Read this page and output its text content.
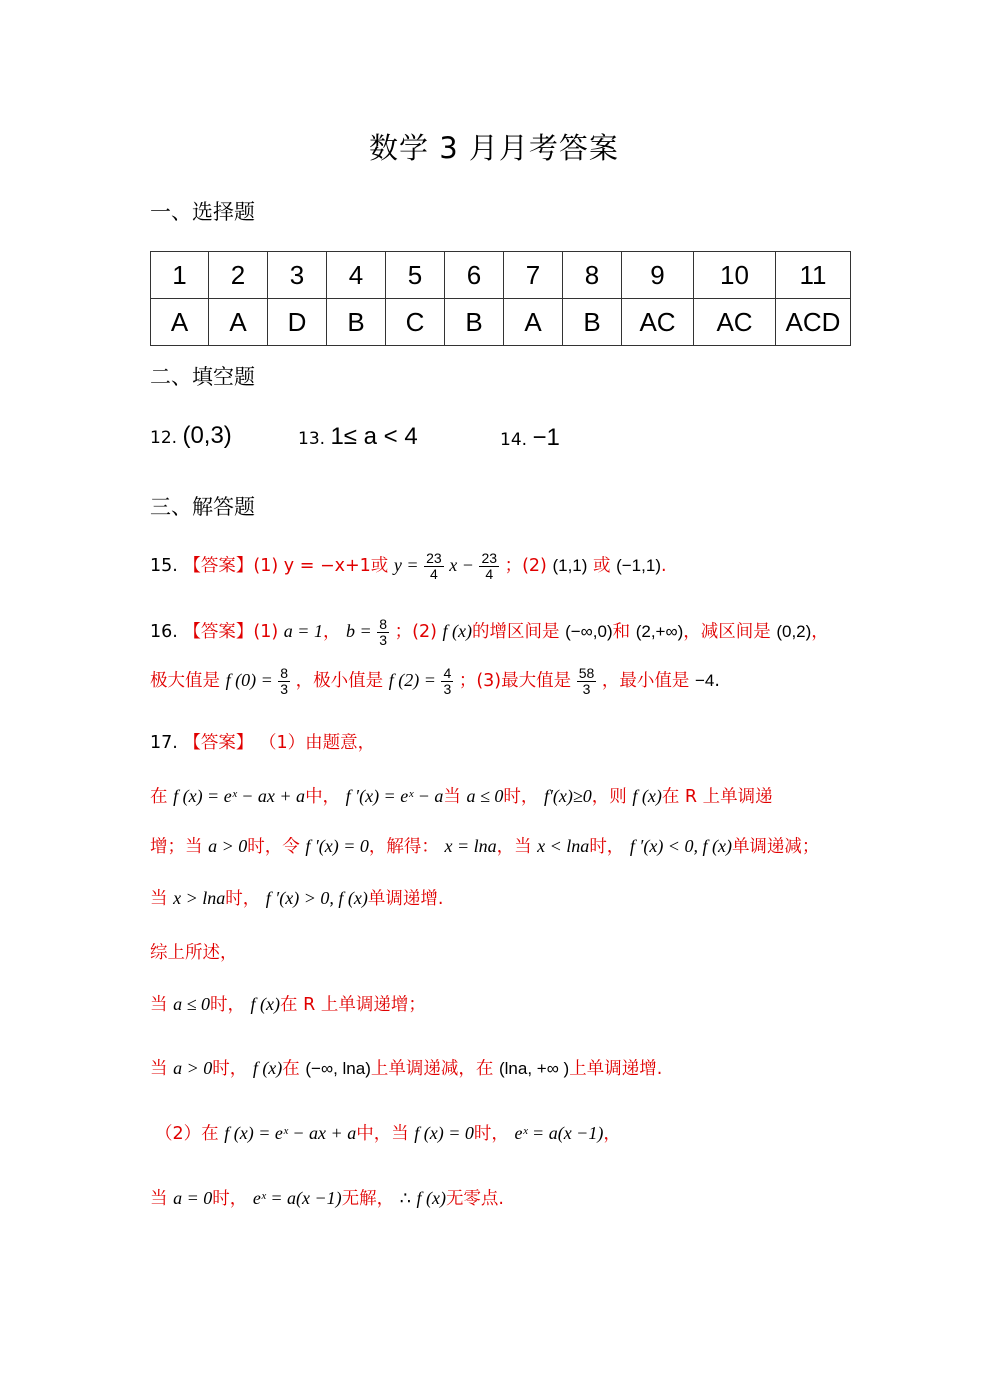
数学 3 月月考答案
一、选择题
1	2	3	4	5	6	7	8	9	10	11
A	A	D	B	C	B	A	B	AC	AC	ACD
二、填空题
12. (0,3)	13. 1≤ a < 4	14. −1
三、解答题
15. 【答案】(1) y = −x+1或 $y = \frac{23}{4}$ $x - \frac{23}{4}$ ；(2) (1,1) 或 (−1,1).
16. 【答案】(1) a = 1， $b = \frac{8}{3}$ ；(2) f (x)的增区间是 (−∞,0)和 (2,+∞)，减区间是 (0,2)，
极大值是 f $(0) = \frac{8}{3}$ ，极小值是 f $(2) = \frac{4}{3}$ ；(3)最大值是 $\frac{58}{3}$ ，最小值是 −4.
17. 【答案】 （1）由题意，
在 f (x) = eˣ − ax + a中， f ′(x) = eˣ − a当 a ≤ 0时， f′(x)≥0，则 f (x)在 R 上单调递
增；当 a > 0时，令 f ′(x) = 0，解得： x = lna，当 x < lna时， f ′(x) < 0, f (x)单调递减；
当 x > lna时， f ′(x) > 0, f (x)单调递增.
综上所述，
当 a ≤ 0时， f (x)在 R 上单调递增；
当 a > 0时， f (x)在 (−∞, lna)上单调递减，在 (lna, +∞ )上单调递增.
（2）在 f (x) = eˣ − ax + a中，当 f (x) = 0时， eˣ = a(x −1)，
当 a = 0时， eˣ = a(x −1)无解， ∴ f (x)无零点.
